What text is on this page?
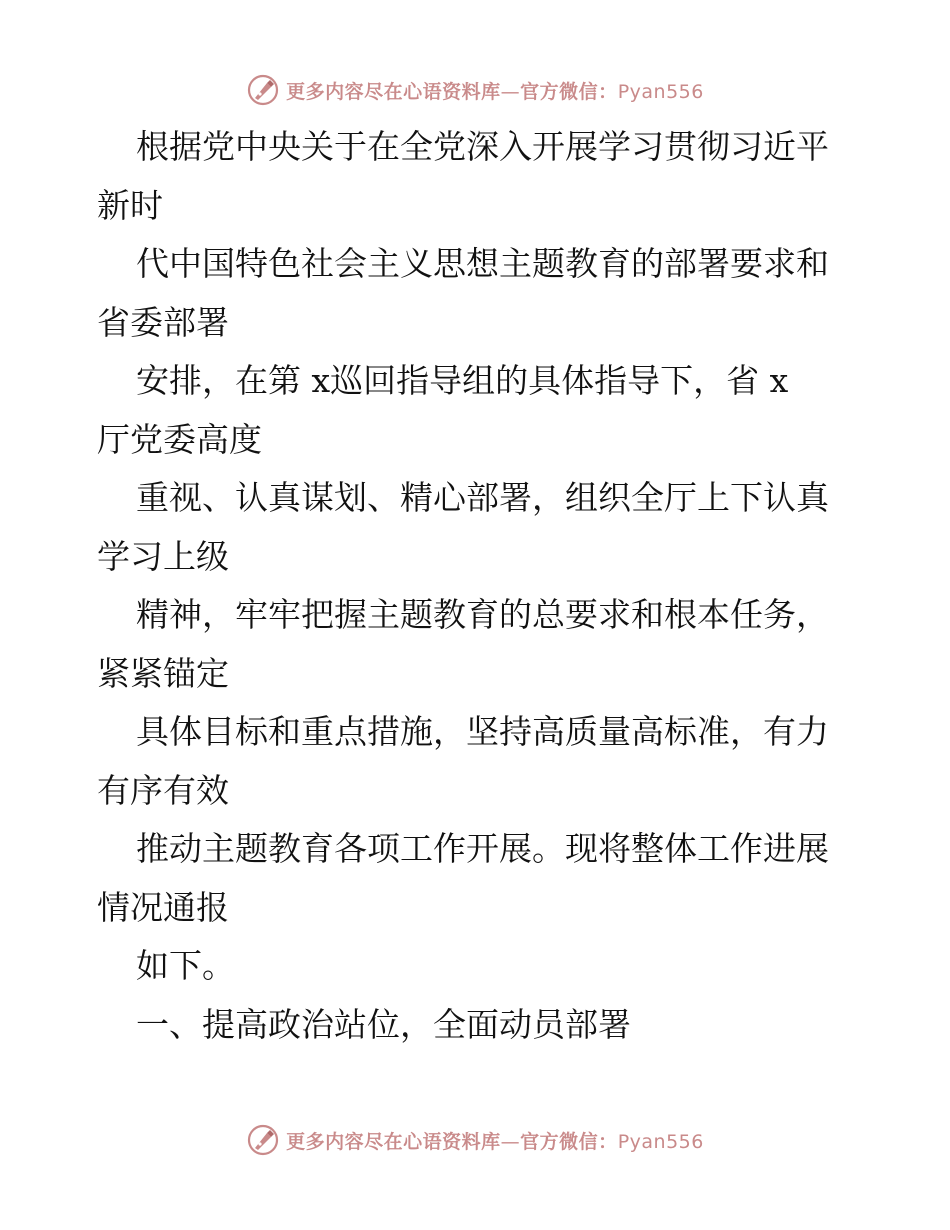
更多内容尽在心语资料库—官方微信：Pyan556
根据党中央关于在全党深入开展学习贯彻习近平
新时
代中国特色社会主义思想主题教育的部署要求和
省委部署
安排，在第 x巡回指导组的具体指导下，省 x
厅党委高度
重视、认真谋划、精心部署，组织全厅上下认真
学习上级
精神，牢牢把握主题教育的总要求和根本任务，
紧紧锚定
具体目标和重点措施，坚持高质量高标准，有力
有序有效
推动主题教育各项工作开展。现将整体工作进展
情况通报
如下。
一、提高政治站位，全面动员部署
更多内容尽在心语资料库—官方微信：Pyan556
